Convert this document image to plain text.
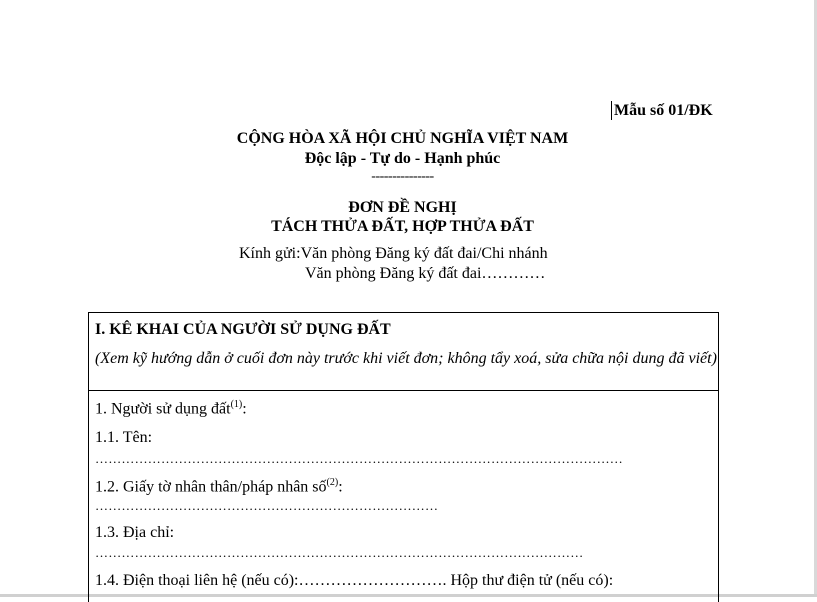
Mẫu số 01/ĐK
CỘNG HÒA XÃ HỘI CHỦ NGHĨA VIỆT NAM
Độc lập - Tự do - Hạnh phúc
---------------
ĐƠN ĐỀ NGHỊ
TÁCH THỬA ĐẤT, HỢP THỬA ĐẤT
Kính gửi:Văn phòng Đăng ký đất đai/Chi nhánh
Văn phòng Đăng ký đất đai…………
I. KÊ KHAI CỦA NGƯỜI SỬ DỤNG ĐẤT
(Xem kỹ hướng dẫn ở cuối đơn này trước khi viết đơn; không tẩy xoá, sửa chữa nội dung đã viết)
1. Người sử dụng đất$^{(1)}$:
1.1. Tên:
…………………………………………………………………………………………………………
1.2. Giấy tờ nhân thân/pháp nhân số$^{(2)}$:
……………………………………………………………………
1.3. Địa chỉ:
…………………………………………………………………………………………………
1.4. Điện thoại liên hệ (nếu có):………………………. Hộp thư điện tử (nếu có):
